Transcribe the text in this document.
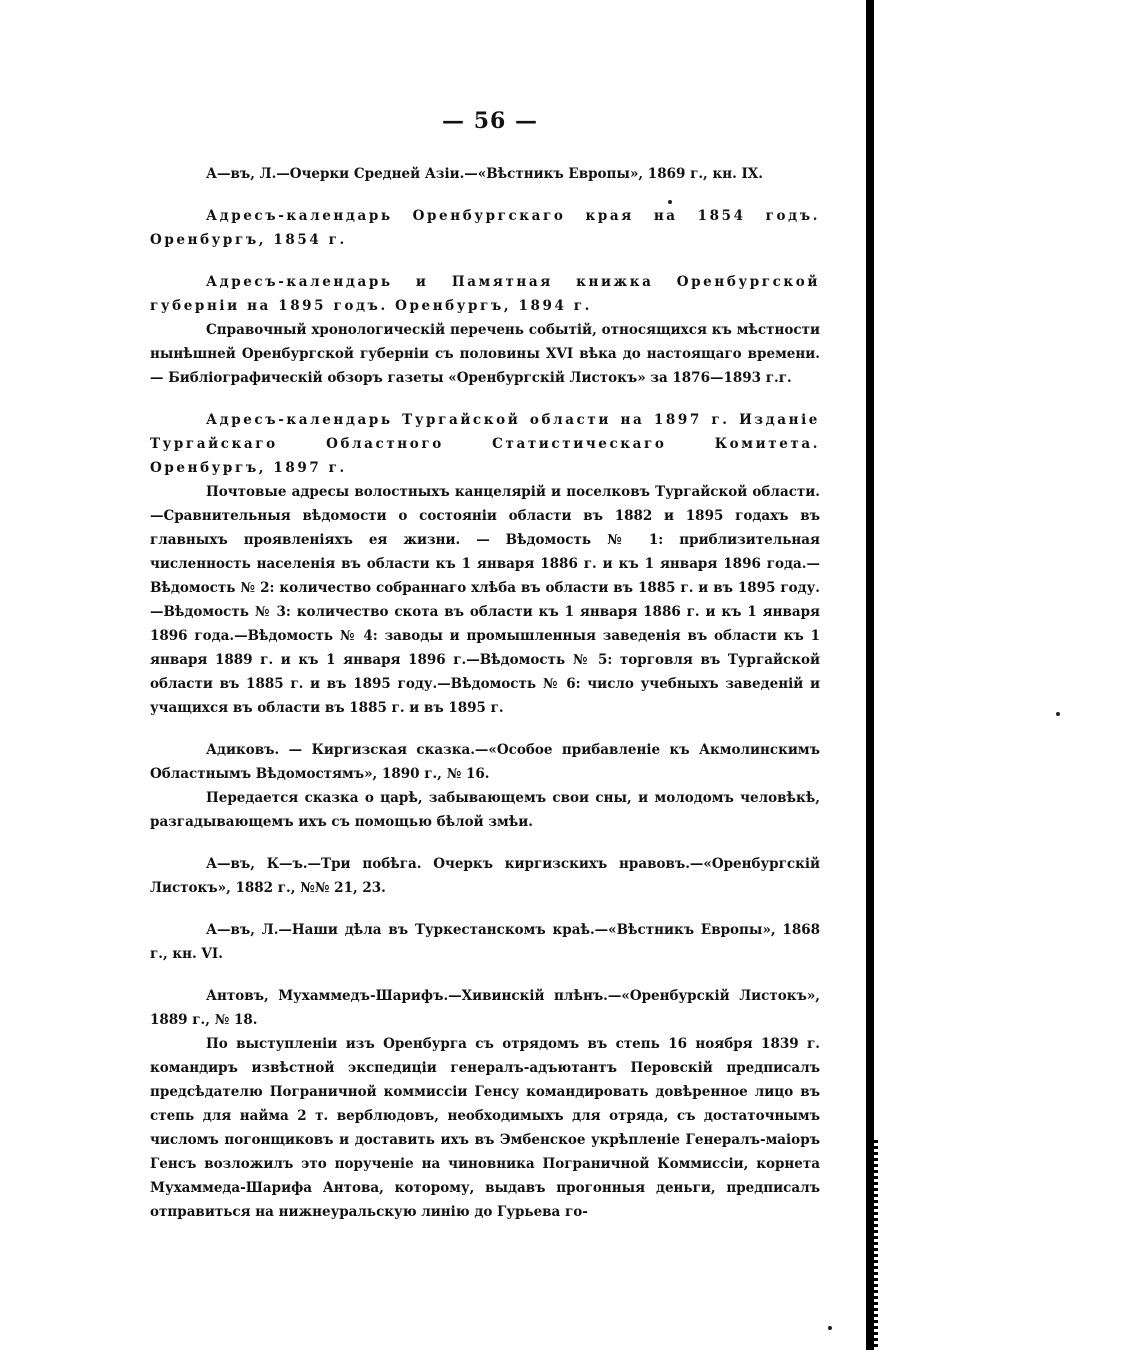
— 56 —
А—въ, Л.—Очерки Средней Азіи.—«Вѣстникъ Европы», 1869 г., кн. IX.
Адресъ-календарь Оренбургскаго края на 1854 годъ. Оренбургъ, 1854 г.
Адресъ-календарь и Памятная книжка Оренбургской губерніи на 1895 годъ. Оренбургъ, 1894 г.
Справочный хронологическій перечень событій, относящихся къ мѣстности нынѣшней Оренбургской губерніи съ половины XVI вѣка до настоящаго времени. — Библіографическій обзоръ газеты «Оренбургскій Листокъ» за 1876—1893 г.г.
Адресъ-календарь Тургайской области на 1897 г. Изданіе Тургайскаго Областного Статистическаго Комитета. Оренбургъ, 1897 г.
Почтовые адресы волостныхъ канцелярій и поселковъ Тургайской области.—Сравнительныя вѣдомости о состояніи области въ 1882 и 1895 годахъ въ главныхъ проявленіяхъ ея жизни. — Вѣдомость № 1: приблизительная численность населенія въ области къ 1 января 1886 г. и къ 1 января 1896 года.—Вѣдомость № 2: количество собраннаго хлѣба въ области въ 1885 г. и въ 1895 году.—Вѣдомость № 3: количество скота въ области къ 1 января 1886 г. и къ 1 января 1896 года.—Вѣдомость № 4: заводы и промышленныя заведенія въ области къ 1 января 1889 г. и къ 1 января 1896 г.—Вѣдомость № 5: торговля въ Тургайской области въ 1885 г. и въ 1895 году.—Вѣдомость № 6: число учебныхъ заведеній и учащихся въ области въ 1885 г. и въ 1895 г.
Адиковъ. — Киргизская сказка.—«Особое прибавленіе къ Акмолинскимъ Областнымъ Вѣдомостямъ», 1890 г., № 16.
Передается сказка о царѣ, забывающемъ свои сны, и молодомъ человѣкѣ, разгадывающемъ ихъ съ помощью бѣлой змѣи.
А—въ, К—ъ.—Три побѣга. Очеркъ киргизскихъ нравовъ.—«Оренбургскій Листокъ», 1882 г., №№ 21, 23.
А—въ, Л.—Наши дѣла въ Туркестанскомъ краѣ.—«Вѣстникъ Европы», 1868 г., кн. VI.
Антовъ, Мухаммедъ-Шарифъ.—Хивинскій плѣнъ.—«Оренбурскій Листокъ», 1889 г., № 18.
По выступленіи изъ Оренбурга съ отрядомъ въ степь 16 ноября 1839 г. командиръ извѣстной экспедиціи генералъ-адъютантъ Перовскій предписалъ предсѣдателю Пограничной коммиссіи Генсу командировать довѣренное лицо въ степь для найма 2 т. верблюдовъ, необходимыхъ для отряда, съ достаточнымъ числомъ погонщиковъ и доставить ихъ въ Эмбенское укрѣпленіе Генералъ-маіоръ Генсъ возложилъ это порученіе на чиновника Пограничной Коммиссіи, корнета Мухаммеда-Шарифа Антова, которому, выдавъ прогонныя деньги, предписалъ отправиться на нижнеуральскую линію до Гурьева го-
